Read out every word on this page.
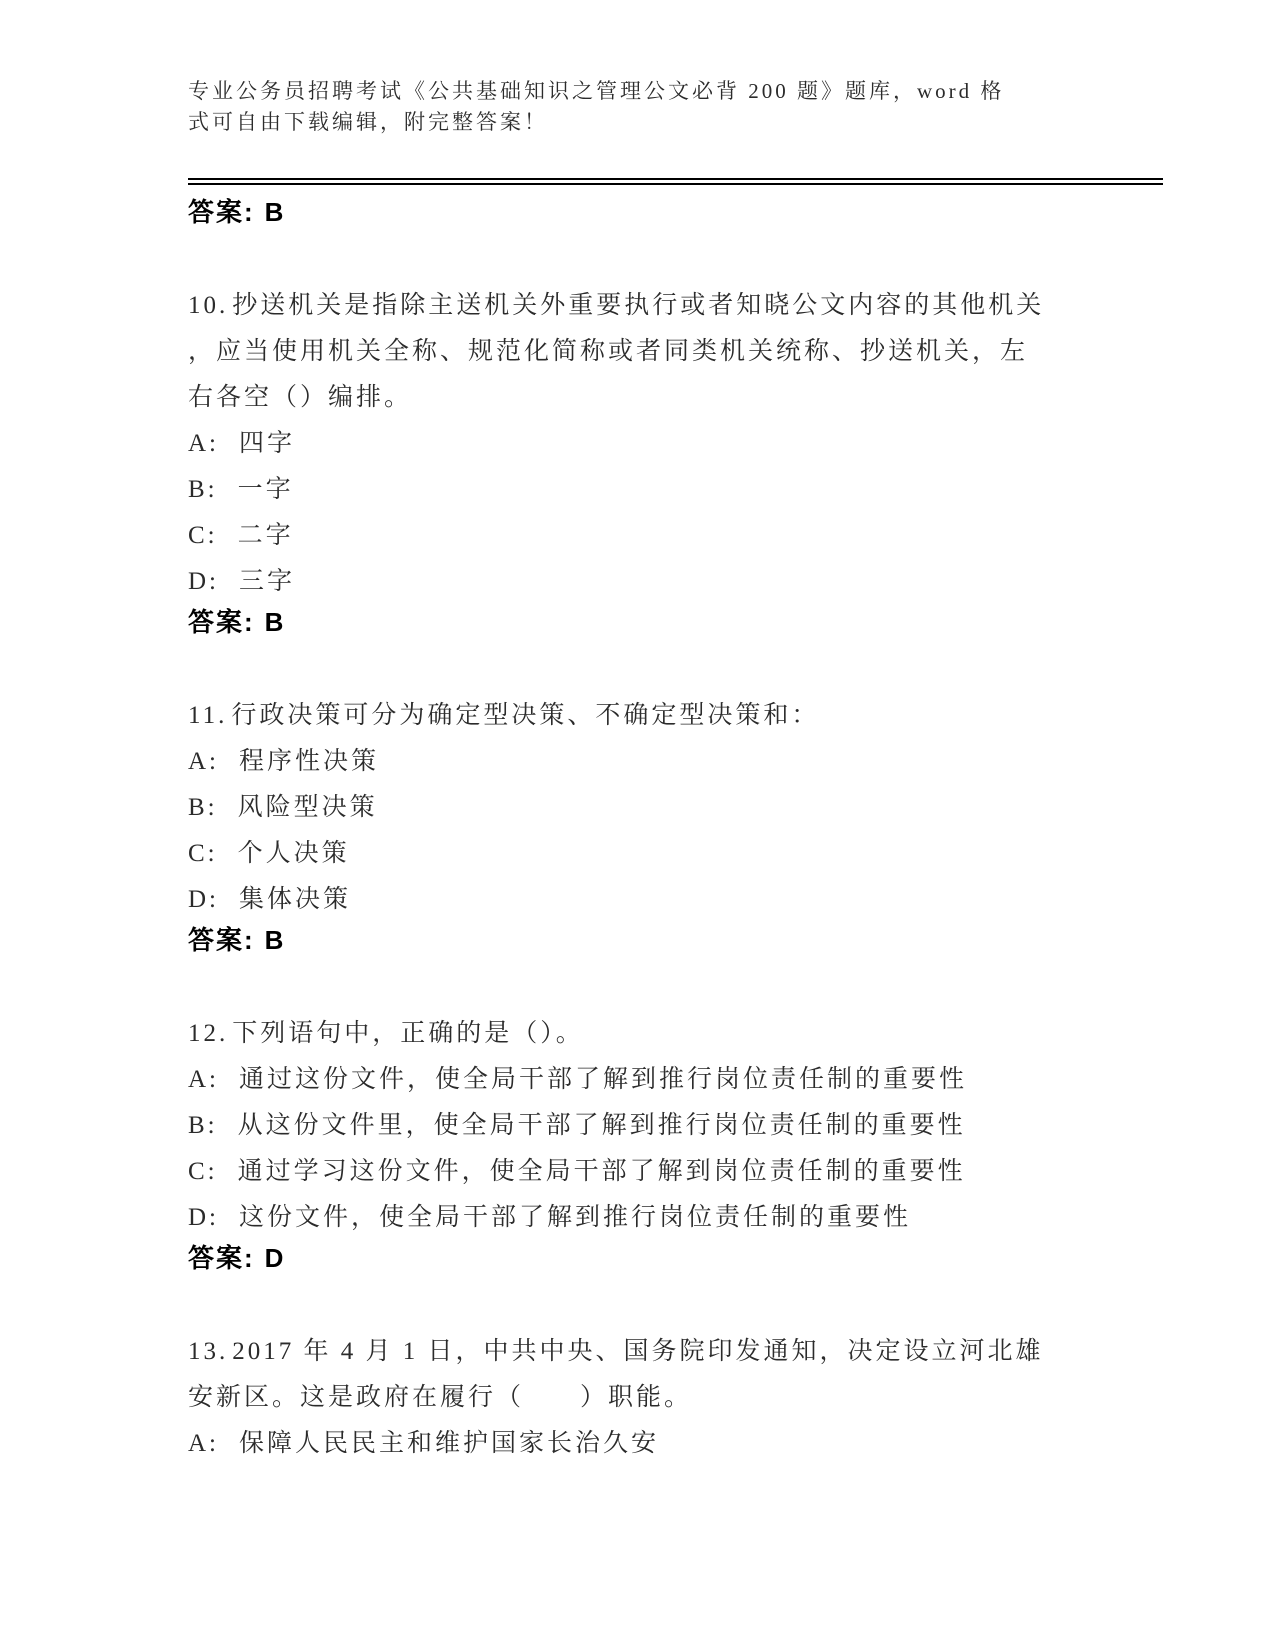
专业公务员招聘考试《公共基础知识之管理公文必背 200 题》题库，word 格式可自由下载编辑，附完整答案！

答案: B

10. 抄送机关是指除主送机关外重要执行或者知晓公文内容的其他机关，应当使用机关全称、规范化简称或者同类机关统称、抄送机关，左右各空（）编排。

A: 四字

B: 一字

C: 二字

D: 三字

答案: B

11. 行政决策可分为确定型决策、不确定型决策和：

A: 程序性决策

B: 风险型决策

C: 个人决策

D: 集体决策

答案: B

12. 下列语句中，正确的是（）。

A: 通过这份文件，使全局干部了解到推行岗位责任制的重要性

B: 从这份文件里，使全局干部了解到推行岗位责任制的重要性

C: 通过学习这份文件，使全局干部了解到岗位责任制的重要性

D: 这份文件，使全局干部了解到推行岗位责任制的重要性

答案: D

13. 2017 年 4 月 1 日，中共中央、国务院印发通知，决定设立河北雄安新区。这是政府在履行（　　）职能。

A: 保障人民民主和维护国家长治久安
